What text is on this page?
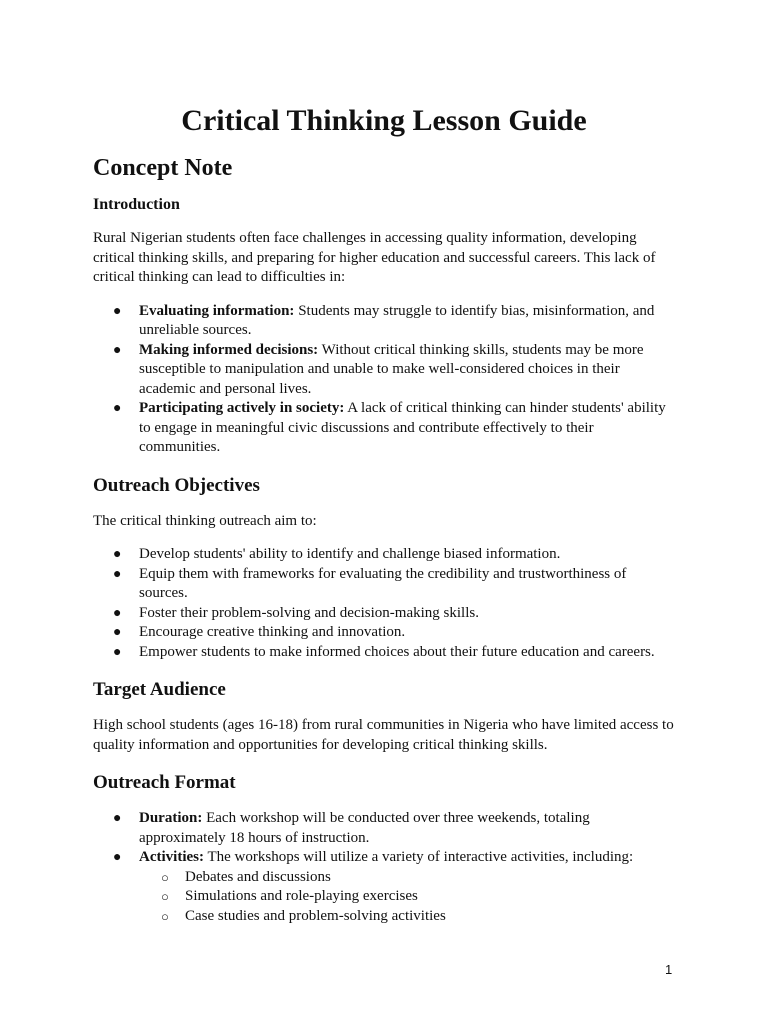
Critical Thinking Lesson Guide
Concept Note
Introduction

Rural Nigerian students often face challenges in accessing quality information, developing critical thinking skills, and preparing for higher education and successful careers. This lack of critical thinking can lead to difficulties in:

● Evaluating information: Students may struggle to identify bias, misinformation, and unreliable sources.
● Making informed decisions: Without critical thinking skills, students may be more susceptible to manipulation and unable to make well-considered choices in their academic and personal lives.
● Participating actively in society: A lack of critical thinking can hinder students' ability to engage in meaningful civic discussions and contribute effectively to their communities.
Outreach Objectives

The critical thinking outreach aim to:

● Develop students' ability to identify and challenge biased information.
● Equip them with frameworks for evaluating the credibility and trustworthiness of sources.
● Foster their problem-solving and decision-making skills.
● Encourage creative thinking and innovation.
● Empower students to make informed choices about their future education and careers.
Target Audience

High school students (ages 16-18) from rural communities in Nigeria who have limited access to quality information and opportunities for developing critical thinking skills.

Outreach Format
● Duration: Each workshop will be conducted over three weekends, totaling approximately 18 hours of instruction.
● Activities: The workshops will utilize a variety of interactive activities, including:
○ Debates and discussions
○ Simulations and role-playing exercises
○ Case studies and problem-solving activities
1
